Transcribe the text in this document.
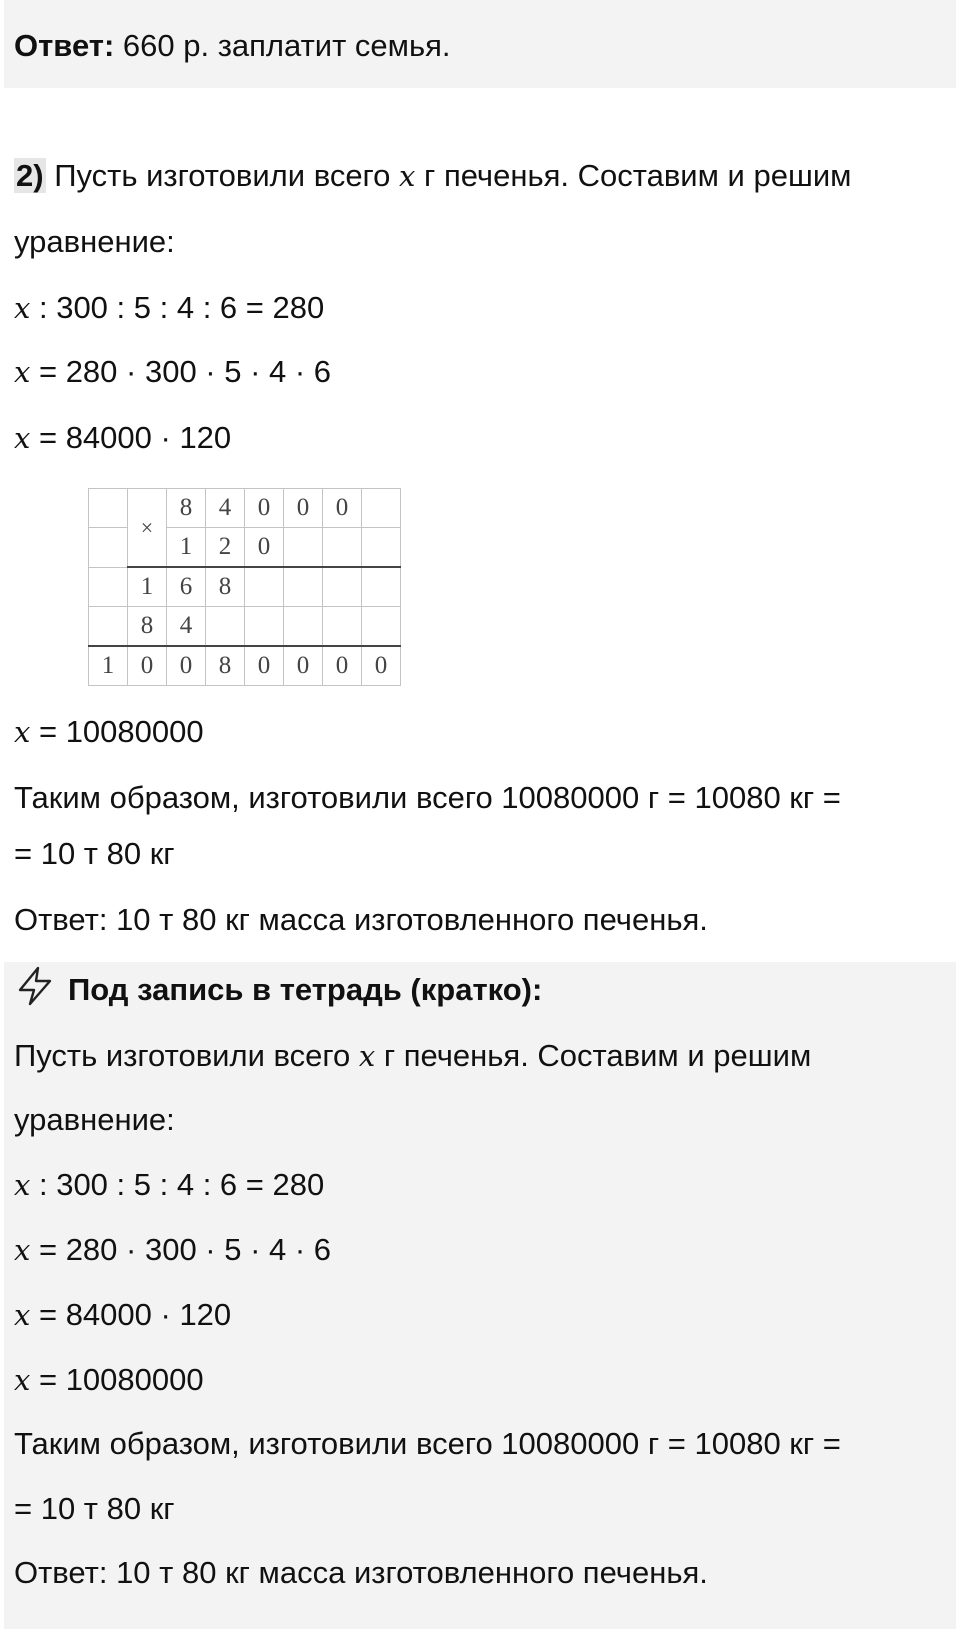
Ответ: 660 р. заплатит семья.
2) Пусть изготовили всего x г печенья. Составим и решим
уравнение:
x : 300 : 5 : 4 : 6 = 280
x = 280 · 300 · 5 · 4 · 6
x = 84000 · 120
	×	8	4	0	0	0	
		1	2	0			
	1	6	8				
	8	4					
1	0	0	8	0	0	0	0
x = 10080000
Таким образом, изготовили всего 10080000 г = 10080 кг =
= 10 т 80 кг
Ответ: 10 т 80 кг масса изготовленного печенья.
Под запись в тетрадь (кратко):
Пусть изготовили всего x г печенья. Составим и решим
уравнение:
x : 300 : 5 : 4 : 6 = 280
x = 280 · 300 · 5 · 4 · 6
x = 84000 · 120
x = 10080000
Таким образом, изготовили всего 10080000 г = 10080 кг =
= 10 т 80 кг
Ответ: 10 т 80 кг масса изготовленного печенья.
